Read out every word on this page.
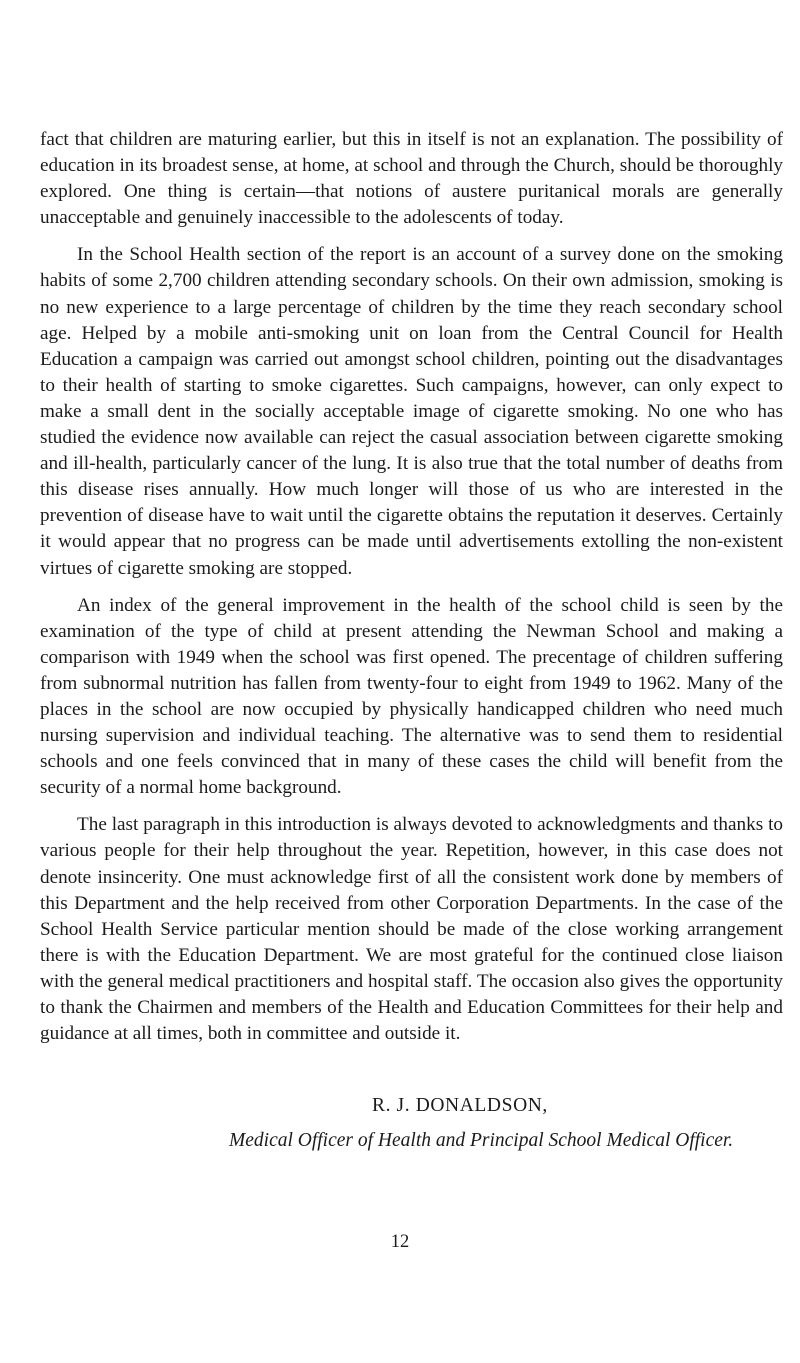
fact that children are maturing earlier, but this in itself is not an explanation. The possibility of education in its broadest sense, at home, at school and through the Church, should be thoroughly explored. One thing is certain—that notions of austere puritanical morals are generally unacceptable and genuinely inaccessible to the adolescents of today.

In the School Health section of the report is an account of a survey done on the smoking habits of some 2,700 children attending secondary schools. On their own admission, smoking is no new experience to a large percentage of children by the time they reach secondary school age. Helped by a mobile anti-smoking unit on loan from the Central Council for Health Education a campaign was carried out amongst school children, pointing out the disadvantages to their health of starting to smoke cigarettes. Such campaigns, however, can only expect to make a small dent in the socially acceptable image of cigarette smoking. No one who has studied the evidence now available can reject the casual association between cigarette smoking and ill-health, particularly cancer of the lung. It is also true that the total number of deaths from this disease rises annually. How much longer will those of us who are interested in the prevention of disease have to wait until the cigarette obtains the reputation it deserves. Certainly it would appear that no progress can be made until advertisements extolling the non-existent virtues of cigarette smoking are stopped.

An index of the general improvement in the health of the school child is seen by the examination of the type of child at present attending the Newman School and making a comparison with 1949 when the school was first opened. The precentage of children suffering from subnormal nutrition has fallen from twenty-four to eight from 1949 to 1962. Many of the places in the school are now occupied by physically handicapped children who need much nursing supervision and individual teaching. The alternative was to send them to residential schools and one feels convinced that in many of these cases the child will benefit from the security of a normal home background.

The last paragraph in this introduction is always devoted to acknowledgments and thanks to various people for their help throughout the year. Repetition, however, in this case does not denote insincerity. One must acknowledge first of all the consistent work done by members of this Department and the help received from other Corporation Departments. In the case of the School Health Service particular mention should be made of the close working arrangement there is with the Education Department. We are most grateful for the continued close liaison with the general medical practitioners and hospital staff. The occasion also gives the opportunity to thank the Chairmen and members of the Health and Education Committees for their help and guidance at all times, both in committee and outside it.

R. J. DONALDSON,

Medical Officer of Health and Principal School Medical Officer.

12
